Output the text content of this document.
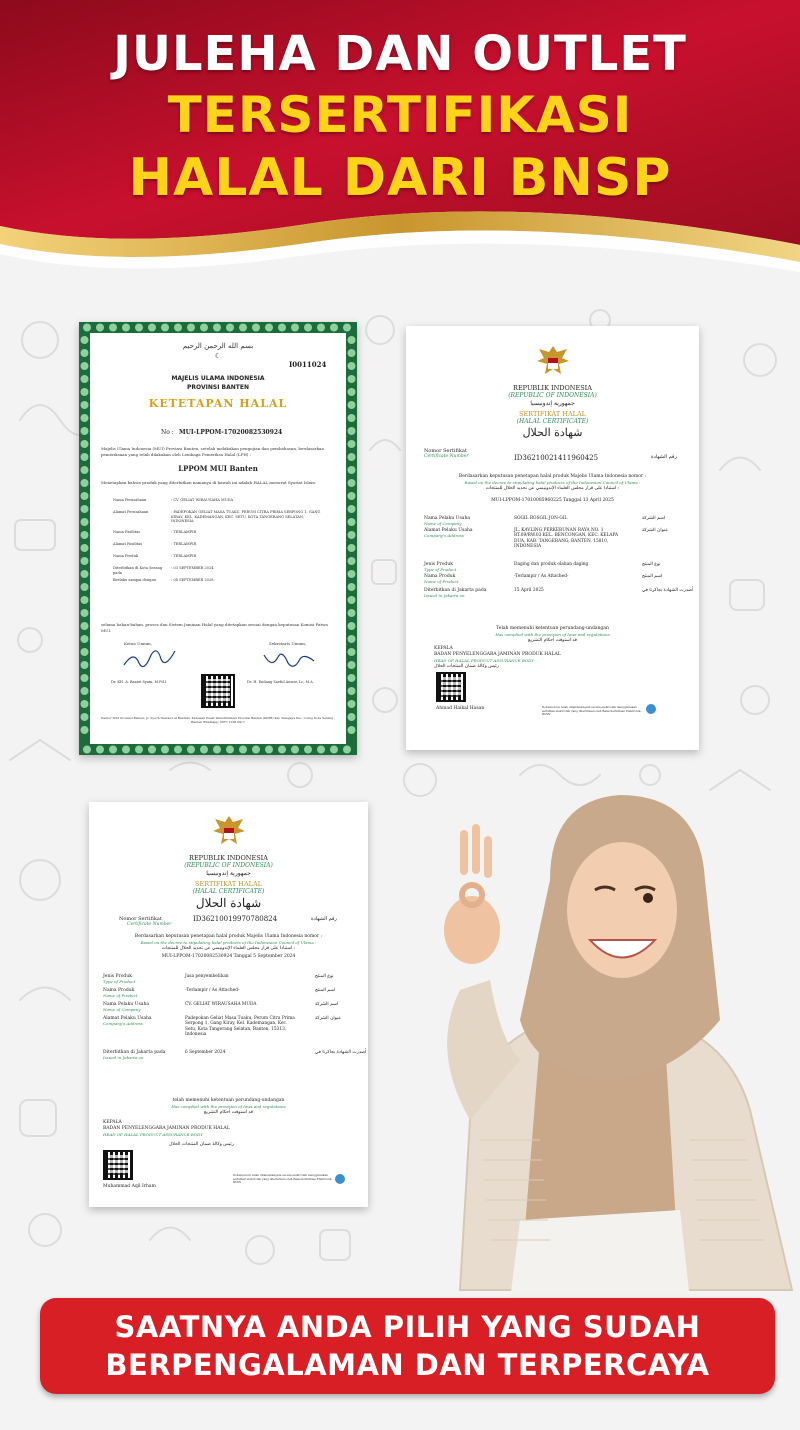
JULEHA DAN OUTLET
TERSERTIFIKASI
HALAL DARI BNSP
بسم الله الرحمن الرحيم
☾
I0011024
MAJELIS ULAMA INDONESIA
PROVINSI BANTEN
KETETAPAN HALAL
No : MUI-LPPOM-17020082530924
Majelis Ulama Indonesia (MUI) Provinsi Banten, setelah melakukan pengujian dan pembahasan, berdasarkan pemeriksaan yang telah dilakukan oleh Lembaga Pemeriksa Halal (LPH) :
LPPOM MUI Banten
Menetapkan bahwa produk yang diterbitkan namanya di bawah ini adalah HALAL menurut Syariat Islam.
selama bahan-bahan, proses dan Sistem Jaminan Halal yang ditetapkan sesuai dengan keputusan Komisi Fatwa MUI.
Ketua Umum,	Sekretaris Umum,
Dr. KH. A. Bazari Syam, M.Pd.I	Dr. H. Endang Saeful Anwar, Lc, M.A
Kantor MUI Provinsi Banten, Jl. Syech Nawawi Al Bantani, Kawasan Pusat Pemerintahan Provinsi Banten (KP3B) Kel. Sukajaya Kec. Curug Kota Serang - Banten Whatsapp: 0857 2168 6917
Nama Perusahaan	: CV. GELIAT WIRAUSAHA MUDA
Alamat Perusahaan	: PADEPOKAN GELIAT MASA TUAKU, PERUM CITRA PRIMA SERPONG 1, GANG KIRAY, KEL. KADEMANGAN, KEC. SETU, KOTA TANGERANG SELATAN, INDONESIA
Nama Fasilitas	: TERLAMPIR
Alamat Fasilitas	: TERLAMPIR
Nama Produk	: TERLAMPIR
Diterbitkan di Kota Serang pada
: 03 SEPTEMBER 2024
Berlaku sampai dengan	: 04 SEPTEMBER 2028
REPUBLIK INDONESIA
(REPUBLIC OF INDONESIA)
جمهورية إندونيسيا
SERTIFIKAT HALAL
(HALAL CERTIFICATE)
شهادة الحلال
Nomor Sertifikat
Certificate Number	ID36210021411960425	رقم الشهادة
Berdasarkan keputusan penetapan halal produk Majelis Ulama Indonesia nomor :
Based on the decree to stipulating halal products of the Indonesian Council of Ulama :
استنادا على قرار مجلس العلماء الإندونيسي عن تحديد الحلال للمنتجات :
MUI-LPPOM-17010085960225 Tanggal 13 April 2025
Telah memenuhi ketentuan perundang-undangan
Has complied with the provision of laws and regulations
قد استوفت أحكام التشريع
KEPALA
BADAN PENYELENGGARA JAMINAN PRODUK HALAL
HEAD OF HALAL PRODUCT ASSURANCE BODY
رئيس وكالة ضمان المنتجات الحلال
Ahmad Haikal Hasan	Dokumen ini telah ditandatangani secara elektronik menggunakan sertifikat elektronik yang diterbitkan oleh Balai Sertifikasi Elektronik, BSSN
Nama Pelaku Usaha
Name of Company
SOGIL BOSGIL JON-GIL	اسم الشركة
Alamat Pelaku Usaha
Company's Address
JL. KAVLING PERKEBUNAN RAYA NO. 1 RT.09/RW.03 KEL. BENCONGAN, KEC. KELAPA DUA, KAB. TANGERANG, BANTEN, 15810, INDONESIA
عنوان الشركة
Jenis Produk
Type of Product
Daging dan produk olahan daging	نوع المنتج
Nama Produk
Name of Product
-Terlampir / As Attached-	اسم المنتج
Diterbitkan di Jakarta pada
Issued in Jakarta on
15 April 2025	أصدرت الشهادة بجاكرتا في
REPUBLIK INDONESIA
(REPUBLIC OF INDONESIA)
جمهورية إندونيسيا
SERTIFIKAT HALAL
(HALAL CERTIFICATE)
شهادة الحلال
Nomor Sertifikat
Certificate Number
ID36210019970780824	رقم الشهادة
Berdasarkan keputusan penetapan halal produk Majelis Ulama Indonesia nomor :
Based on the decree to stipulating halal products of the Indonesian Council of Ulama :
استنادا على قرار مجلس العلماء الإندونيسي عن تحديد الحلال للمنتجات :
MUI-LPPOM-17020082530924 Tanggal 5 September 2024
telah memenuhi ketentuan perundang-undangan
Has complied with the provision of laws and regulations
قد استوفت أحكام التشريع
KEPALA
BADAN PENYELENGGARA JAMINAN PRODUK HALAL
HEAD OF HALAL PRODUCT ASSURANCE BODY
رئيس وكالة ضمان المنتجات الحلال
Muhammad Aqil Irham
Dokumen ini telah ditandatangani secara elektronik menggunakan sertifikat elektronik yang diterbitkan oleh Balai Sertifikasi Elektronik, BSSN
Jenis Produk
Type of Product
Jasa penyembelihan	نوع المنتج
Nama Produk
Name of Product
-Terlampir / As Attached-	اسم المنتج
Nama Pelaku Usaha
Name of Company
CV. GELIAT WIRAUSAHA MUDA	اسم الشركة
Alamat Pelaku Usaha
Company's Address
Padepokan Geliat Masa Tuaku, Perum Citra Prima Serpong 1, Gang Kiray, Kel. Kademangan, Kec. Setu, Kota Tangerang Selatan, Banten, 15313, Indonesia
عنوان الشركة
Diterbitkan di Jakarta pada
Issued in Jakarta on
6 September 2024	أصدرت الشهادة بجاكرتا في
SAATNYA ANDA PILIH YANG SUDAH
BERPENGALAMAN DAN TERPERCAYA
